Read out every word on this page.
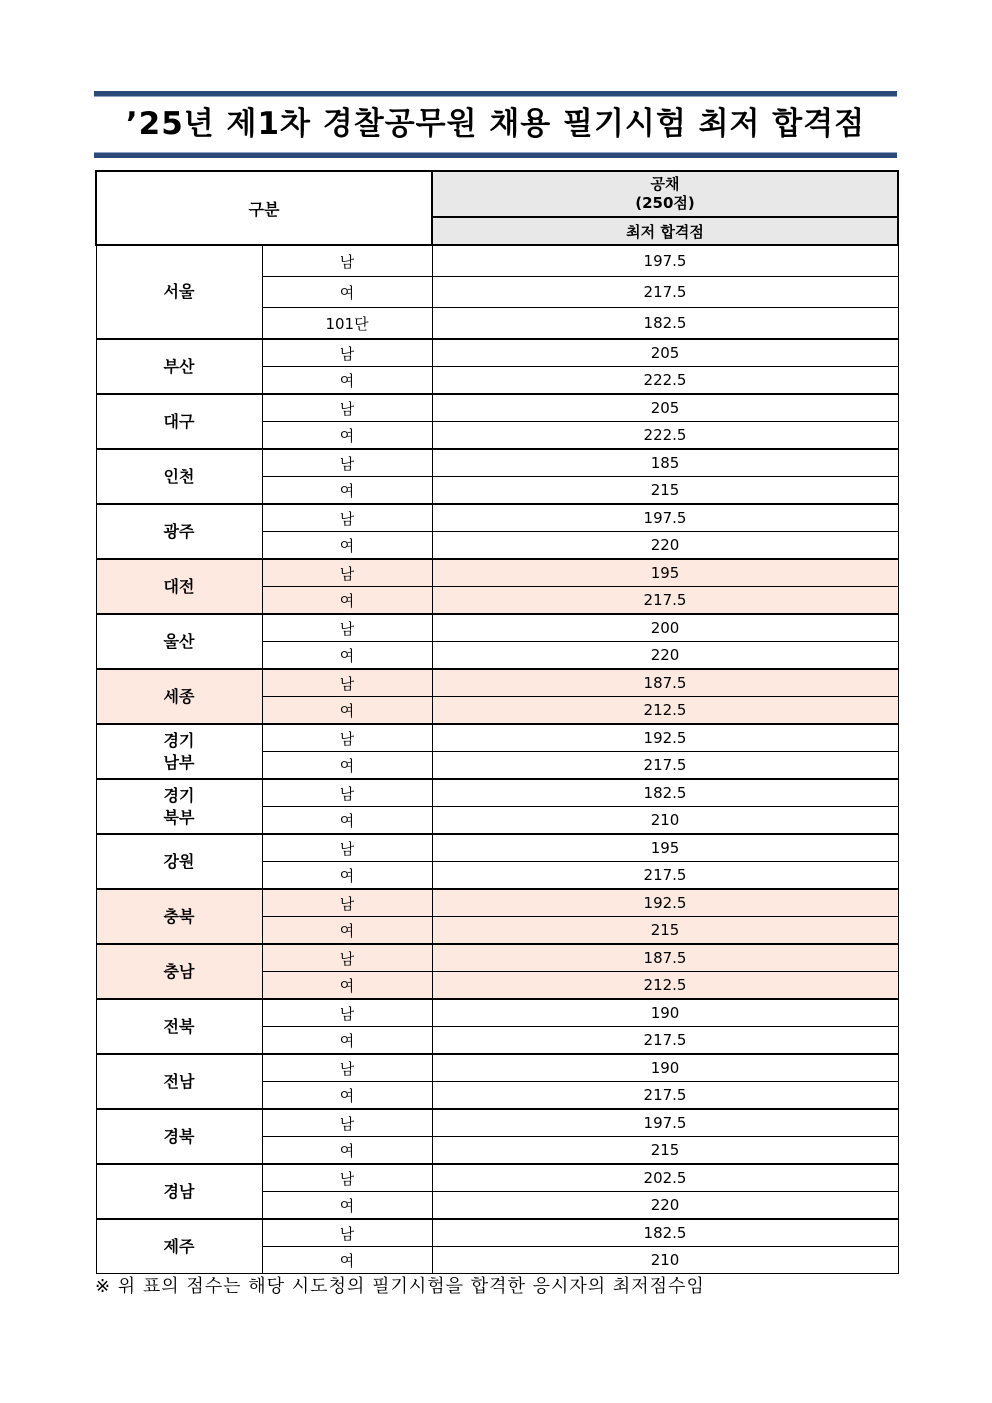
’25년 제1차 경찰공무원 채용 필기시험 최저 합격점
구분		공채
(250점)

		최저 합격점

서울	남	197.5
	여	217.5
	101단	182.5

부산	남	205
	여	222.5

대구	남	205
	여	222.5

인천	남	185
	여	215

광주	남	197.5
	여	220

대전	남	195
	여	217.5

울산	남	200
	여	220

세종	남	187.5
	여	212.5

경기
남부	남	192.5
	여	217.5

경기
북부	남	182.5
	여	210

강원	남	195
	여	217.5

충북	남	192.5
	여	215

충남	남	187.5
	여	212.5

전북	남	190
	여	217.5

전남	남	190
	여	217.5

경북	남	197.5
	여	215

경남	남	202.5
	여	220

제주	남	182.5
	여	210
※ 위 표의 점수는 해당 시도청의 필기시험을 합격한 응시자의 최저점수임
